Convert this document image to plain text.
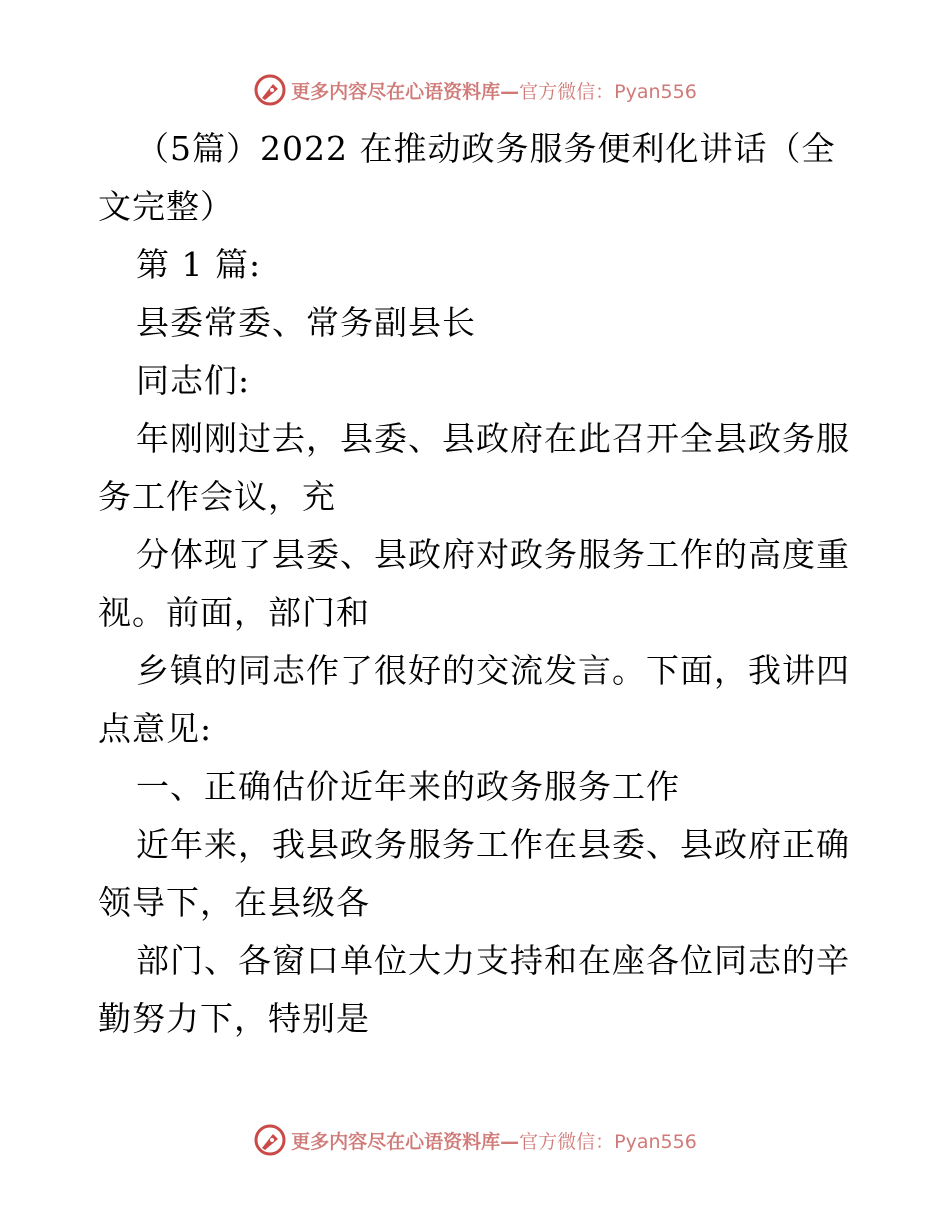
更多内容尽在心语资料库— 官方微信：Pyan556

（5篇）2022 在推动政务服务便利化讲话（全

文完整）

第 1 篇:

县委常委、常务副县长

同志们:

年刚刚过去，县委、县政府在此召开全县政务服

务工作会议，充

分体现了县委、县政府对政务服务工作的高度重

视。前面，部门和

乡镇的同志作了很好的交流发言。下面，我讲四

点意见:

一、正确估价近年来的政务服务工作

近年来，我县政务服务工作在县委、县政府正确

领导下，在县级各

部门、各窗口单位大力支持和在座各位同志的辛

勤努力下，特别是

更多内容尽在心语资料库— 官方微信：Pyan556
